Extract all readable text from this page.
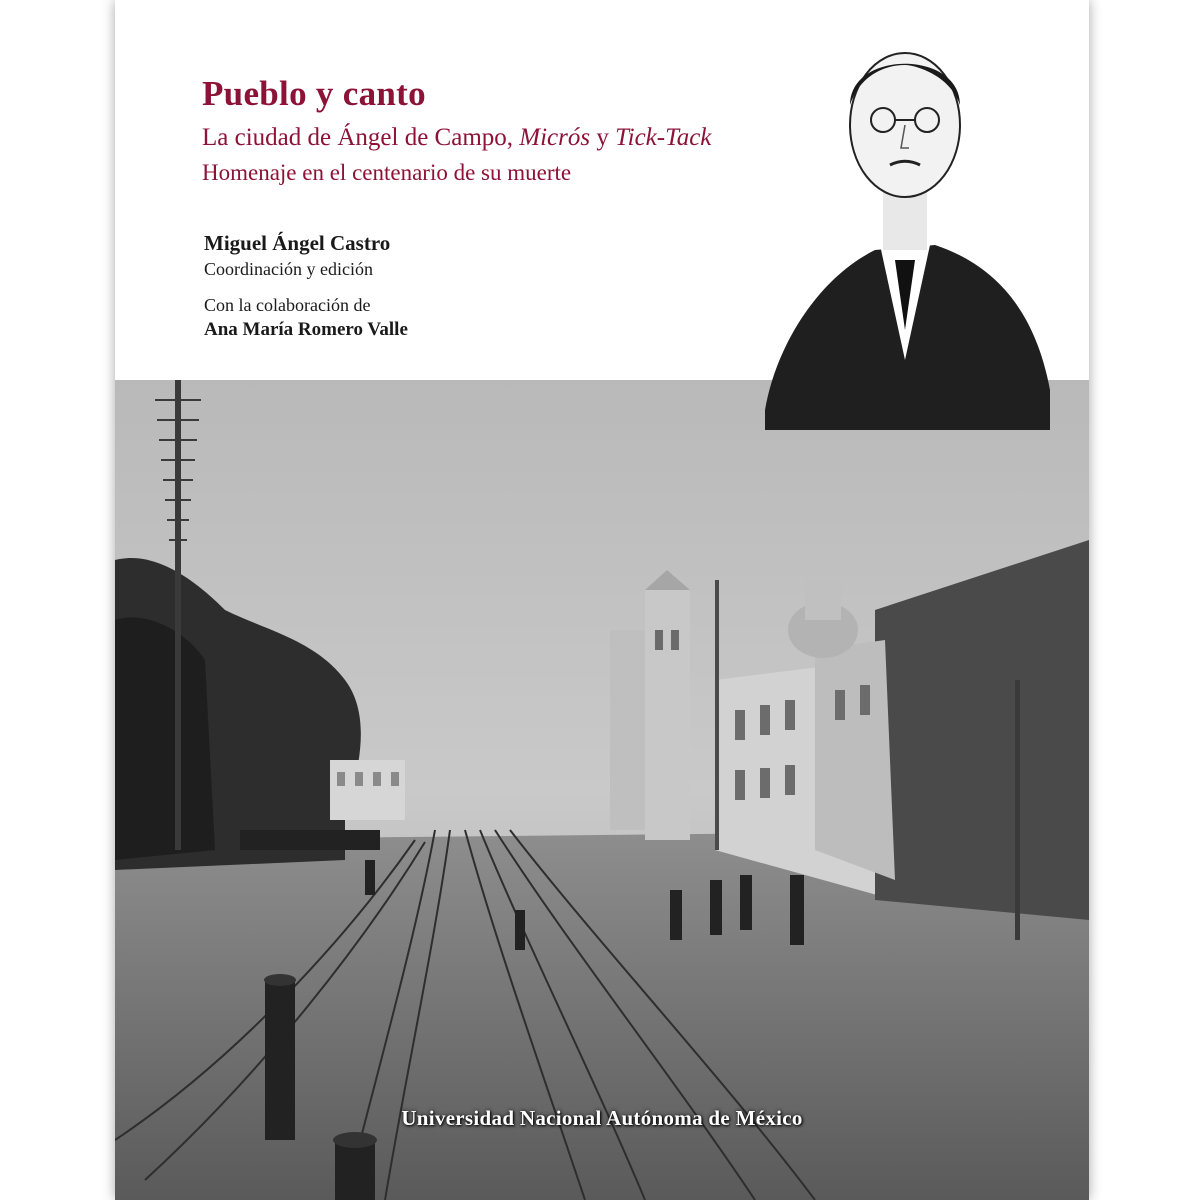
Pueblo y canto

La ciudad de Ángel de Campo, Micrós y Tick-Tack

Homenaje en el centenario de su muerte

Miguel Ángel Castro
Coordinación y edición
Con la colaboración de
Ana María Romero Valle
Universidad Nacional Autónoma de México
